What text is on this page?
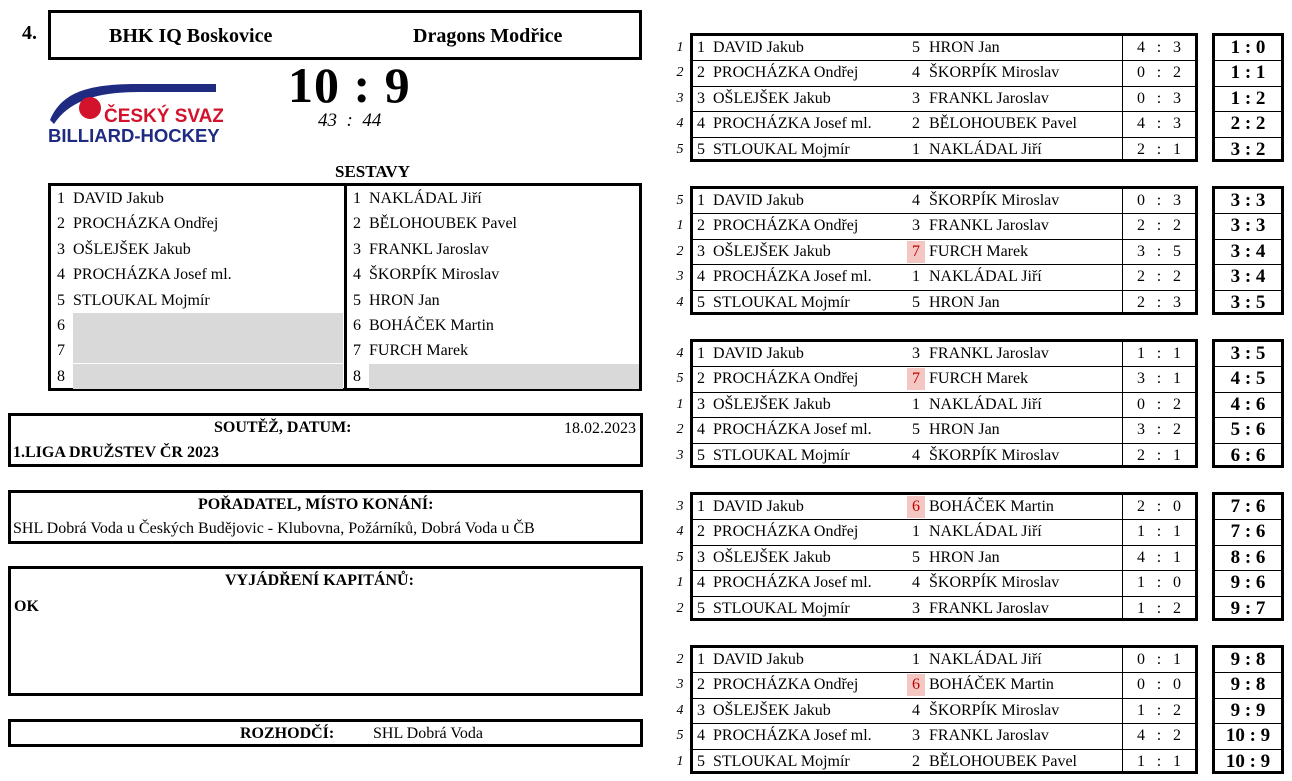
4.	BHK IQ Boskovice	Dragons Modřice
10 : 9
43  :  44
ČESKÝ SVAZ
BILLIARD-HOCKEY
SESTAVY
1 DAVID Jakub
2 PROCHÁZKA Ondřej
3 OŠLEJŠEK Jakub
4 PROCHÁZKA Josef ml.
5 STLOUKAL Mojmír
6
7
8
1 NAKLÁDAL Jiří
2 BĚLOHOUBEK Pavel
3 FRANKL Jaroslav
4 ŠKORPÍK Miroslav
5 HRON Jan
6 BOHÁČEK Martin
7 FURCH Marek
8
SOUTĚŽ, DATUM:	18.02.2023
1.LIGA DRUŽSTEV ČR 2023
POŘADATEL, MÍSTO KONÁNÍ:
SHL Dobrá Voda u Českých Budějovic - Klubovna, Požárníků, Dobrá Voda u ČB
VYJÁDŘENÍ KAPITÁNŮ:
OK
ROZHODČÍ: SHL Dobrá Voda
1 1 DAVID Jakub	5 HRON Jan	4 : 3	1 : 0
2 2 PROCHÁZKA Ondřej	4 ŠKORPÍK Miroslav	0 : 2	1 : 1
3 3 OŠLEJŠEK Jakub	3 FRANKL Jaroslav	0 : 3	1 : 2
4 4 PROCHÁZKA Josef ml.	2 BĚLOHOUBEK Pavel	4 : 3	2 : 2
5 5 STLOUKAL Mojmír	1 NAKLÁDAL Jiří	2 : 1	3 : 2
5 1 DAVID Jakub	4 ŠKORPÍK Miroslav	0 : 3	3 : 3
1 2 PROCHÁZKA Ondřej	3 FRANKL Jaroslav	2 : 2	3 : 3
2 3 OŠLEJŠEK Jakub	7 FURCH Marek	3 : 5	3 : 4
3 4 PROCHÁZKA Josef ml.	1 NAKLÁDAL Jiří	2 : 2	3 : 4
4 5 STLOUKAL Mojmír	5 HRON Jan	2 : 3	3 : 5
4 1 DAVID Jakub	3 FRANKL Jaroslav	1 : 1	3 : 5
5 2 PROCHÁZKA Ondřej	7 FURCH Marek	3 : 1	4 : 5
1 3 OŠLEJŠEK Jakub	1 NAKLÁDAL Jiří	0 : 2	4 : 6
2 4 PROCHÁZKA Josef ml.	5 HRON Jan	3 : 2	5 : 6
3 5 STLOUKAL Mojmír	4 ŠKORPÍK Miroslav	2 : 1	6 : 6
3 1 DAVID Jakub	6 BOHÁČEK Martin	2 : 0	7 : 6
4 2 PROCHÁZKA Ondřej	1 NAKLÁDAL Jiří	1 : 1	7 : 6
5 3 OŠLEJŠEK Jakub	5 HRON Jan	4 : 1	8 : 6
1 4 PROCHÁZKA Josef ml.	4 ŠKORPÍK Miroslav	1 : 0	9 : 6
2 5 STLOUKAL Mojmír	3 FRANKL Jaroslav	1 : 2	9 : 7
2 1 DAVID Jakub	1 NAKLÁDAL Jiří	0 : 1	9 : 8
3 2 PROCHÁZKA Ondřej	6 BOHÁČEK Martin	0 : 0	9 : 8
4 3 OŠLEJŠEK Jakub	4 ŠKORPÍK Miroslav	1 : 2	9 : 9
5 4 PROCHÁZKA Josef ml.	3 FRANKL Jaroslav	4 : 2	10 : 9
1 5 STLOUKAL Mojmír	2 BĚLOHOUBEK Pavel	1 : 1	10 : 9
